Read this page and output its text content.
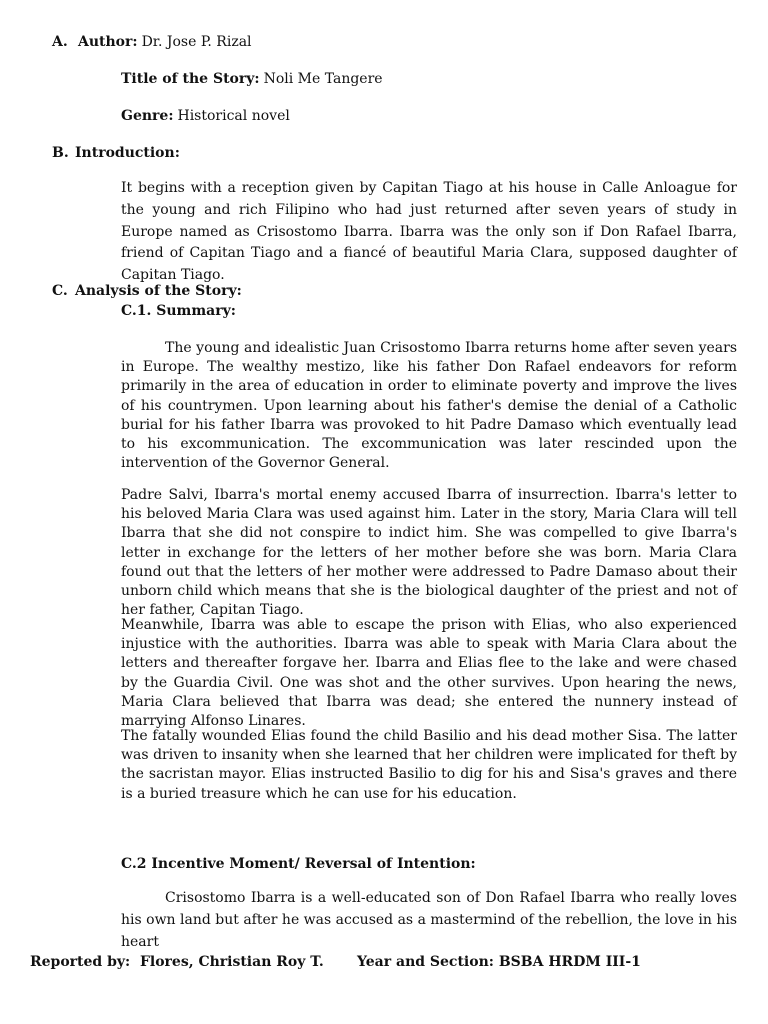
A. Author: Dr. Jose P. Rizal
Title of the Story: Noli Me Tangere
Genre: Historical novel
B. Introduction:
It begins with a reception given by Capitan Tiago at his house in Calle Anloague for the young and rich Filipino who had just returned after seven years of study in Europe named as Crisostomo Ibarra. Ibarra was the only son if Don Rafael Ibarra, friend of Capitan Tiago and a fiancé of beautiful Maria Clara, supposed daughter of Capitan Tiago.
C. Analysis of the Story:
C.1. Summary:
The young and idealistic Juan Crisostomo Ibarra returns home after seven years in Europe. The wealthy mestizo, like his father Don Rafael endeavors for reform primarily in the area of education in order to eliminate poverty and improve the lives of his countrymen. Upon learning about his father's demise the denial of a Catholic burial for his father Ibarra was provoked to hit Padre Damaso which eventually lead to his excommunication. The excommunication was later rescinded upon the intervention of the Governor General.
Padre Salvi, Ibarra's mortal enemy accused Ibarra of insurrection. Ibarra's letter to his beloved Maria Clara was used against him. Later in the story, Maria Clara will tell Ibarra that she did not conspire to indict him. She was compelled to give Ibarra's letter in exchange for the letters of her mother before she was born. Maria Clara found out that the letters of her mother were addressed to Padre Damaso about their unborn child which means that she is the biological daughter of the priest and not of her father, Capitan Tiago.
Meanwhile, Ibarra was able to escape the prison with Elias, who also experienced injustice with the authorities. Ibarra was able to speak with Maria Clara about the letters and thereafter forgave her. Ibarra and Elias flee to the lake and were chased by the Guardia Civil. One was shot and the other survives. Upon hearing the news, Maria Clara believed that Ibarra was dead; she entered the nunnery instead of marrying Alfonso Linares.
The fatally wounded Elias found the child Basilio and his dead mother Sisa. The latter was driven to insanity when she learned that her children were implicated for theft by the sacristan mayor. Elias instructed Basilio to dig for his and Sisa's graves and there is a buried treasure which he can use for his education.
C.2 Incentive Moment/ Reversal of Intention:
Crisostomo Ibarra is a well-educated son of Don Rafael Ibarra who really loves his own land but after he was accused as a mastermind of the rebellion, the love in his heart
Reported by: Flores, Christian Roy T.	Year and Section: BSBA HRDM III-1
